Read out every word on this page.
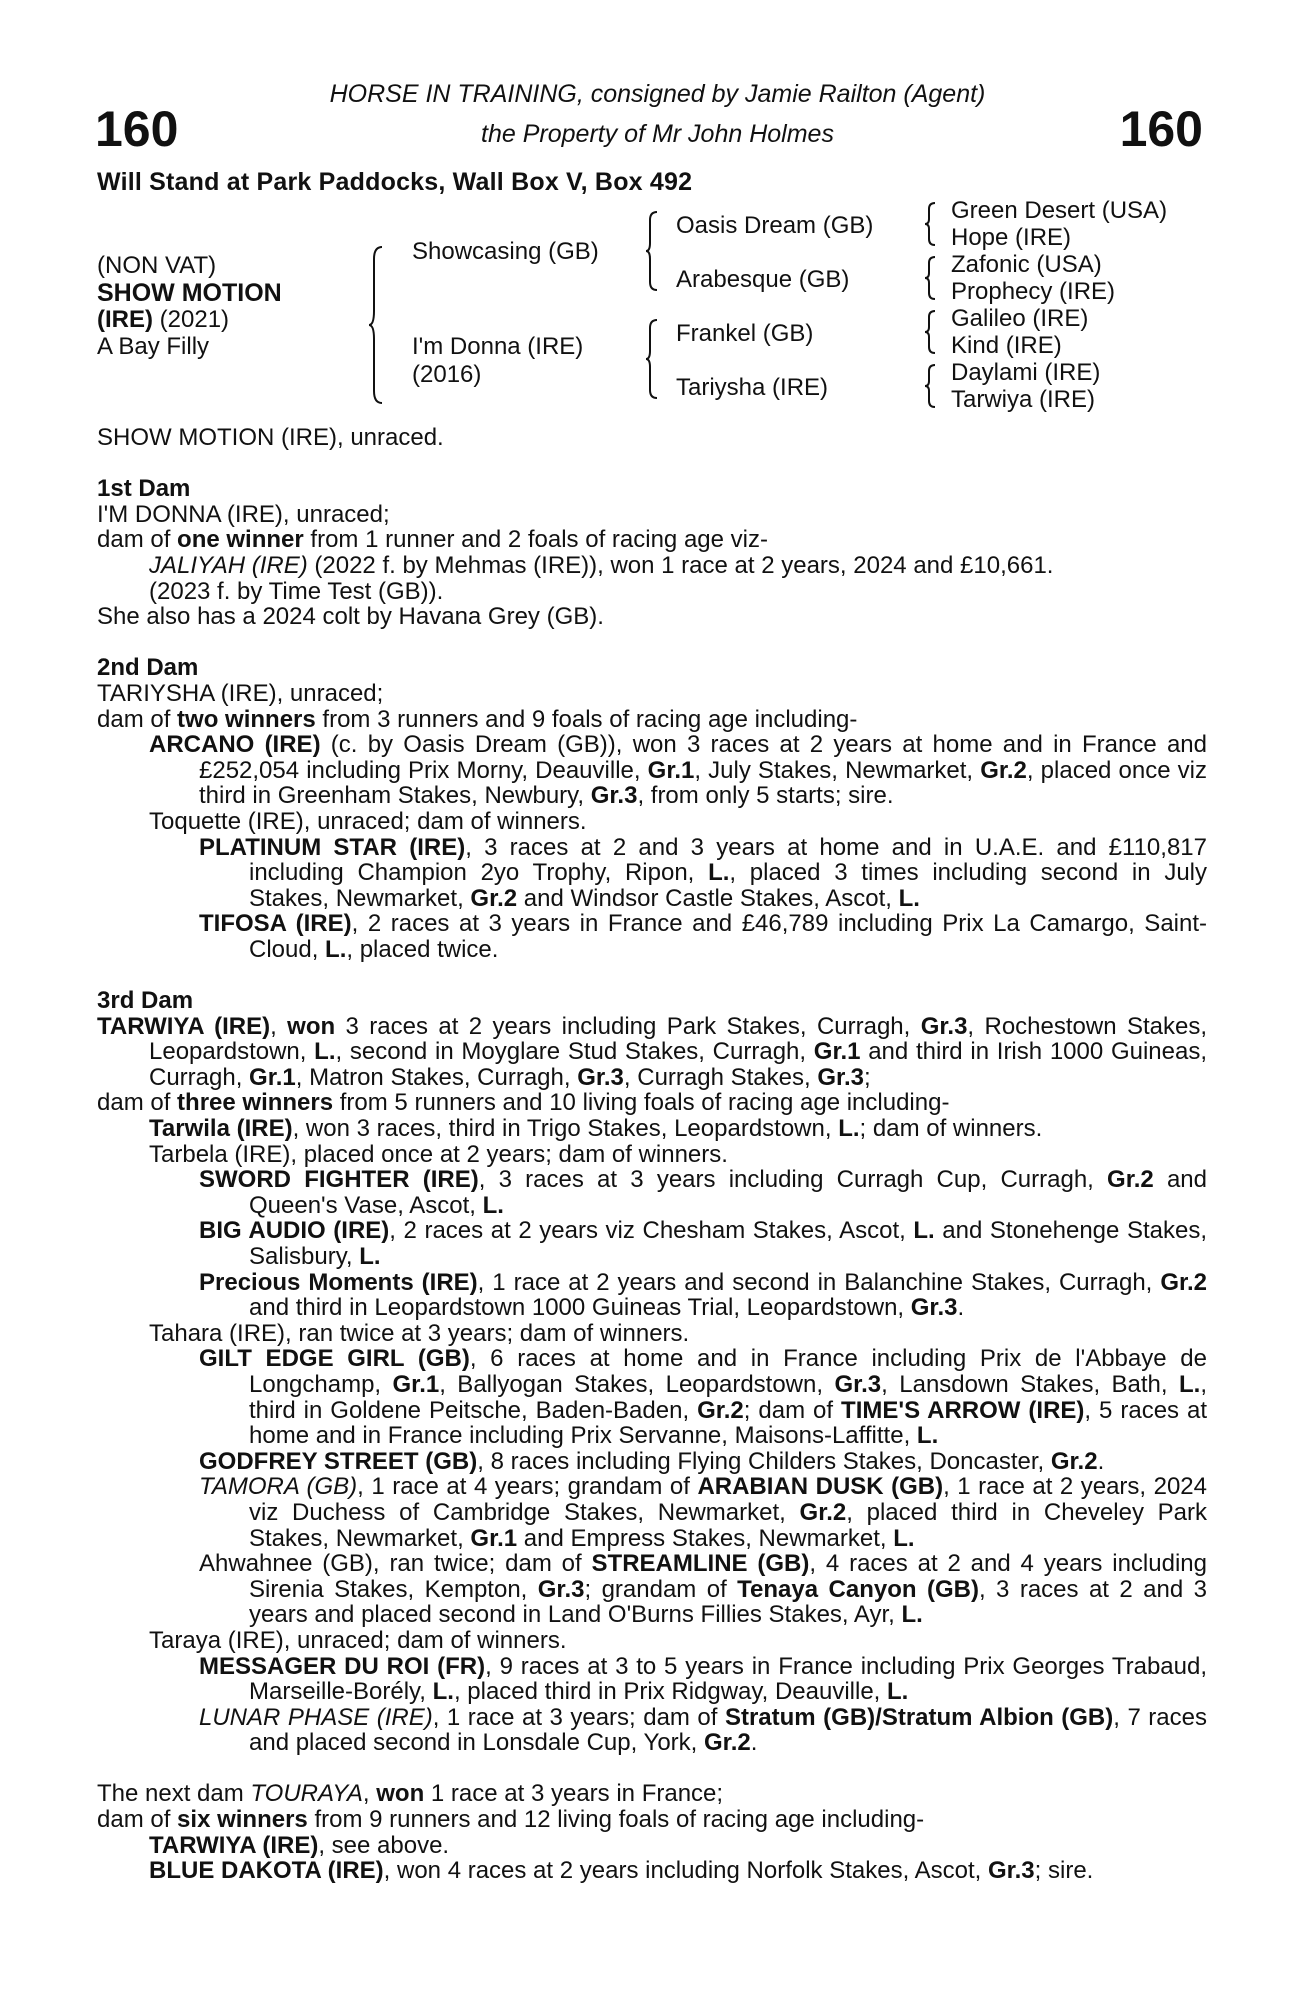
160	160
HORSE IN TRAINING, consigned by Jamie Railton (Agent)
the Property of Mr John Holmes
Will Stand at Park Paddocks, Wall Box V, Box 492
(NON VAT)
SHOW MOTION
(IRE) (2021)
A Bay Filly
Showcasing (GB)
I'm Donna (IRE)
(2016)
Oasis Dream (GB)
Arabesque (GB)
Frankel (GB)
Tariysha (IRE)
Green Desert (USA)
Hope (IRE)
Zafonic (USA)
Prophecy (IRE)
Galileo (IRE)
Kind (IRE)
Daylami (IRE)
Tarwiya (IRE)

SHOW MOTION (IRE), unraced.

1st Dam

I'M DONNA (IRE), unraced;

dam of one winner from 1 runner and 2 foals of racing age viz-

JALIYAH (IRE) (2022 f. by Mehmas (IRE)), won 1 race at 2 years, 2024 and £10,661.

(2023 f. by Time Test (GB)).

She also has a 2024 colt by Havana Grey (GB).

2nd Dam

TARIYSHA (IRE), unraced;

dam of two winners from 3 runners and 9 foals of racing age including-

ARCANO (IRE) (c. by Oasis Dream (GB)), won 3 races at 2 years at home and in France and £252,054 including Prix Morny, Deauville, Gr.1, July Stakes, Newmarket, Gr.2, placed once viz third in Greenham Stakes, Newbury, Gr.3, from only 5 starts; sire.

Toquette (IRE), unraced; dam of winners.

PLATINUM STAR (IRE), 3 races at 2 and 3 years at home and in U.A.E. and £110,817 including Champion 2yo Trophy, Ripon, L., placed 3 times including second in July Stakes, Newmarket, Gr.2 and Windsor Castle Stakes, Ascot, L.

TIFOSA (IRE), 2 races at 3 years in France and £46,789 including Prix La Camargo, Saint-Cloud, L., placed twice.

3rd Dam

TARWIYA (IRE), won 3 races at 2 years including Park Stakes, Curragh, Gr.3, Rochestown Stakes, Leopardstown, L., second in Moyglare Stud Stakes, Curragh, Gr.1 and third in Irish 1000 Guineas, Curragh, Gr.1, Matron Stakes, Curragh, Gr.3, Curragh Stakes, Gr.3;

dam of three winners from 5 runners and 10 living foals of racing age including-

Tarwila (IRE), won 3 races, third in Trigo Stakes, Leopardstown, L.; dam of winners.

Tarbela (IRE), placed once at 2 years; dam of winners.

SWORD FIGHTER (IRE), 3 races at 3 years including Curragh Cup, Curragh, Gr.2 and Queen's Vase, Ascot, L.

BIG AUDIO (IRE), 2 races at 2 years viz Chesham Stakes, Ascot, L. and Stonehenge Stakes, Salisbury, L.

Precious Moments (IRE), 1 race at 2 years and second in Balanchine Stakes, Curragh, Gr.2 and third in Leopardstown 1000 Guineas Trial, Leopardstown, Gr.3.

Tahara (IRE), ran twice at 3 years; dam of winners.

GILT EDGE GIRL (GB), 6 races at home and in France including Prix de l'Abbaye de Longchamp, Gr.1, Ballyogan Stakes, Leopardstown, Gr.3, Lansdown Stakes, Bath, L., third in Goldene Peitsche, Baden-Baden, Gr.2; dam of TIME'S ARROW (IRE), 5 races at home and in France including Prix Servanne, Maisons-Laffitte, L.

GODFREY STREET (GB), 8 races including Flying Childers Stakes, Doncaster, Gr.2.

TAMORA (GB), 1 race at 4 years; grandam of ARABIAN DUSK (GB), 1 race at 2 years, 2024 viz Duchess of Cambridge Stakes, Newmarket, Gr.2, placed third in Cheveley Park Stakes, Newmarket, Gr.1 and Empress Stakes, Newmarket, L.

Ahwahnee (GB), ran twice; dam of STREAMLINE (GB), 4 races at 2 and 4 years including Sirenia Stakes, Kempton, Gr.3; grandam of Tenaya Canyon (GB), 3 races at 2 and 3 years and placed second in Land O'Burns Fillies Stakes, Ayr, L.

Taraya (IRE), unraced; dam of winners.

MESSAGER DU ROI (FR), 9 races at 3 to 5 years in France including Prix Georges Trabaud, Marseille-Borély, L., placed third in Prix Ridgway, Deauville, L.

LUNAR PHASE (IRE), 1 race at 3 years; dam of Stratum (GB)/Stratum Albion (GB), 7 races and placed second in Lonsdale Cup, York, Gr.2.

The next dam TOURAYA, won 1 race at 3 years in France;

dam of six winners from 9 runners and 12 living foals of racing age including-

TARWIYA (IRE), see above.

BLUE DAKOTA (IRE), won 4 races at 2 years including Norfolk Stakes, Ascot, Gr.3; sire.
